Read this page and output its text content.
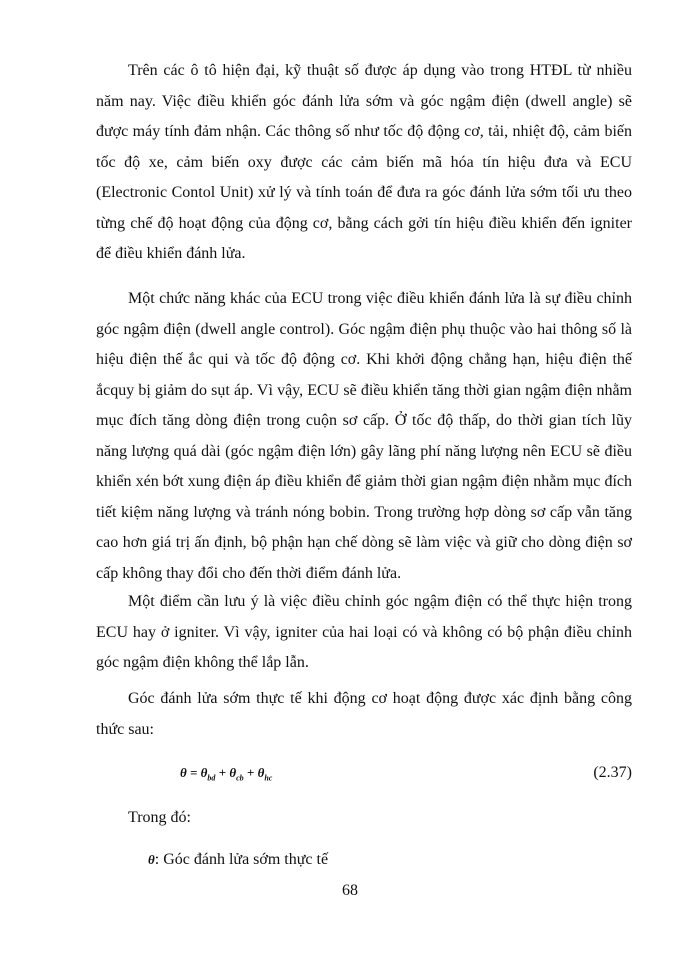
Trên các ô tô hiện đại, kỹ thuật số được áp dụng vào trong HTĐL từ nhiều năm nay. Việc điều khiển góc đánh lửa sớm và góc ngậm điện (dwell angle) sẽ được máy tính đảm nhận. Các thông số như tốc độ động cơ, tải, nhiệt độ, cảm biến tốc độ xe, cảm biến oxy được các cảm biến mã hóa tín hiệu đưa và ECU (Electronic Contol Unit) xử lý và tính toán để đưa ra góc đánh lửa sớm tối ưu theo từng chế độ hoạt động của động cơ, bằng cách gởi tín hiệu điều khiển đến igniter để điều khiển đánh lửa.

Một chức năng khác của ECU trong việc điều khiển đánh lửa là sự điều chỉnh góc ngậm điện (dwell angle control). Góc ngậm điện phụ thuộc vào hai thông số là hiệu điện thế ắc qui và tốc độ động cơ. Khi khởi động chẳng hạn, hiệu điện thế ắcquy bị giảm do sụt áp. Vì vậy, ECU sẽ điều khiển tăng thời gian ngậm điện nhằm mục đích tăng dòng điện trong cuộn sơ cấp. Ở tốc độ thấp, do thời gian tích lũy năng lượng quá dài (góc ngậm điện lớn) gây lãng phí năng lượng nên ECU sẽ điều khiển xén bớt xung điện áp điều khiển để giảm thời gian ngậm điện nhằm mục đích tiết kiệm năng lượng và tránh nóng bobin. Trong trường hợp dòng sơ cấp vẫn tăng cao hơn giá trị ấn định, bộ phận hạn chế dòng sẽ làm việc và giữ cho dòng điện sơ cấp không thay đổi cho đến thời điểm đánh lửa.

Một điểm cần lưu ý là việc điều chỉnh góc ngậm điện có thể thực hiện trong ECU hay ở igniter. Vì vậy, igniter của hai loại có và không có bộ phận điều chỉnh góc ngậm điện không thể lắp lẫn.

Góc đánh lửa sớm thực tế khi động cơ hoạt động được xác định bằng công thức sau:

$\theta = \theta_{bd} + \theta_{cb} + \theta_{hc}$	(2.37)
Trong đó:
θ: Góc đánh lửa sớm thực tế
68
